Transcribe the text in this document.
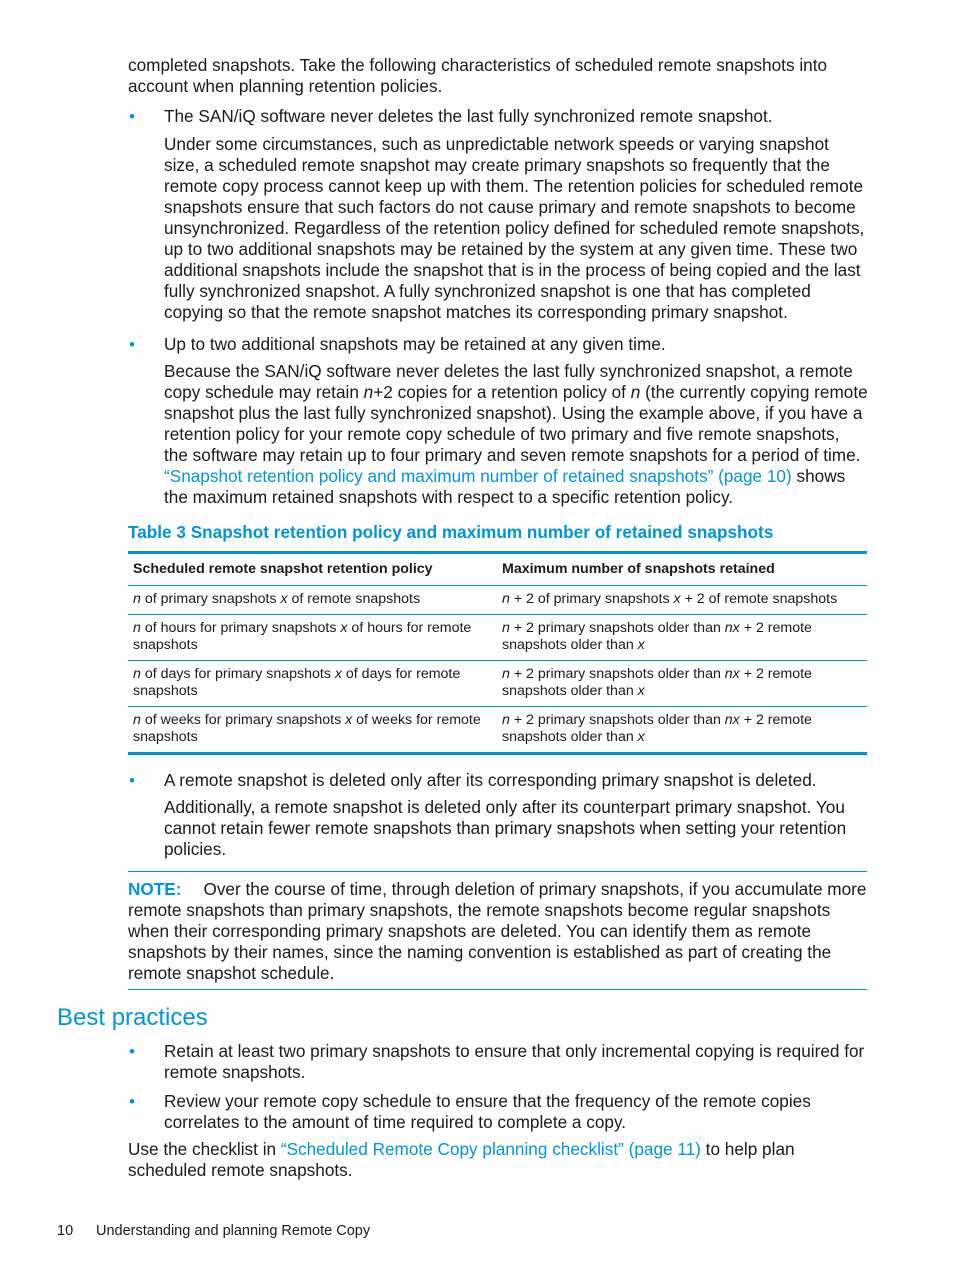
completed snapshots. Take the following characteristics of scheduled remote snapshots into account when planning retention policies.

• The SAN/iQ software never deletes the last fully synchronized remote snapshot.

Under some circumstances, such as unpredictable network speeds or varying snapshot size, a scheduled remote snapshot may create primary snapshots so frequently that the remote copy process cannot keep up with them. The retention policies for scheduled remote snapshots ensure that such factors do not cause primary and remote snapshots to become unsynchronized. Regardless of the retention policy defined for scheduled remote snapshots, up to two additional snapshots may be retained by the system at any given time. These two additional snapshots include the snapshot that is in the process of being copied and the last fully synchronized snapshot. A fully synchronized snapshot is one that has completed copying so that the remote snapshot matches its corresponding primary snapshot.

• Up to two additional snapshots may be retained at any given time.

Because the SAN/iQ software never deletes the last fully synchronized snapshot, a remote copy schedule may retain n+2 copies for a retention policy of n (the currently copying remote snapshot plus the last fully synchronized snapshot). Using the example above, if you have a retention policy for your remote copy schedule of two primary and five remote snapshots, the software may retain up to four primary and seven remote snapshots for a period of time. “Snapshot retention policy and maximum number of retained snapshots” (page 10) shows the maximum retained snapshots with respect to a specific retention policy.

Table 3 Snapshot retention policy and maximum number of retained snapshots

Scheduled remote snapshot retention policy	Maximum number of snapshots retained
n of primary snapshots x of remote snapshots	n + 2 of primary snapshots x + 2 of remote snapshots
n of hours for primary snapshots x of hours for remote snapshots	n + 2 primary snapshots older than nx + 2 remote snapshots older than x
n of days for primary snapshots x of days for remote snapshots	n + 2 primary snapshots older than nx + 2 remote snapshots older than x
n of weeks for primary snapshots x of weeks for remote snapshots	n + 2 primary snapshots older than nx + 2 remote snapshots older than x
• A remote snapshot is deleted only after its corresponding primary snapshot is deleted.

Additionally, a remote snapshot is deleted only after its counterpart primary snapshot. You cannot retain fewer remote snapshots than primary snapshots when setting your retention policies.

NOTE: Over the course of time, through deletion of primary snapshots, if you accumulate more remote snapshots than primary snapshots, the remote snapshots become regular snapshots when their corresponding primary snapshots are deleted. You can identify them as remote snapshots by their names, since the naming convention is established as part of creating the remote snapshot schedule.

Best practices
• Retain at least two primary snapshots to ensure that only incremental copying is required for remote snapshots.

• Review your remote copy schedule to ensure that the frequency of the remote copies correlates to the amount of time required to complete a copy.

Use the checklist in “Scheduled Remote Copy planning checklist” (page 11) to help plan scheduled remote snapshots.

10 Understanding and planning Remote Copy
